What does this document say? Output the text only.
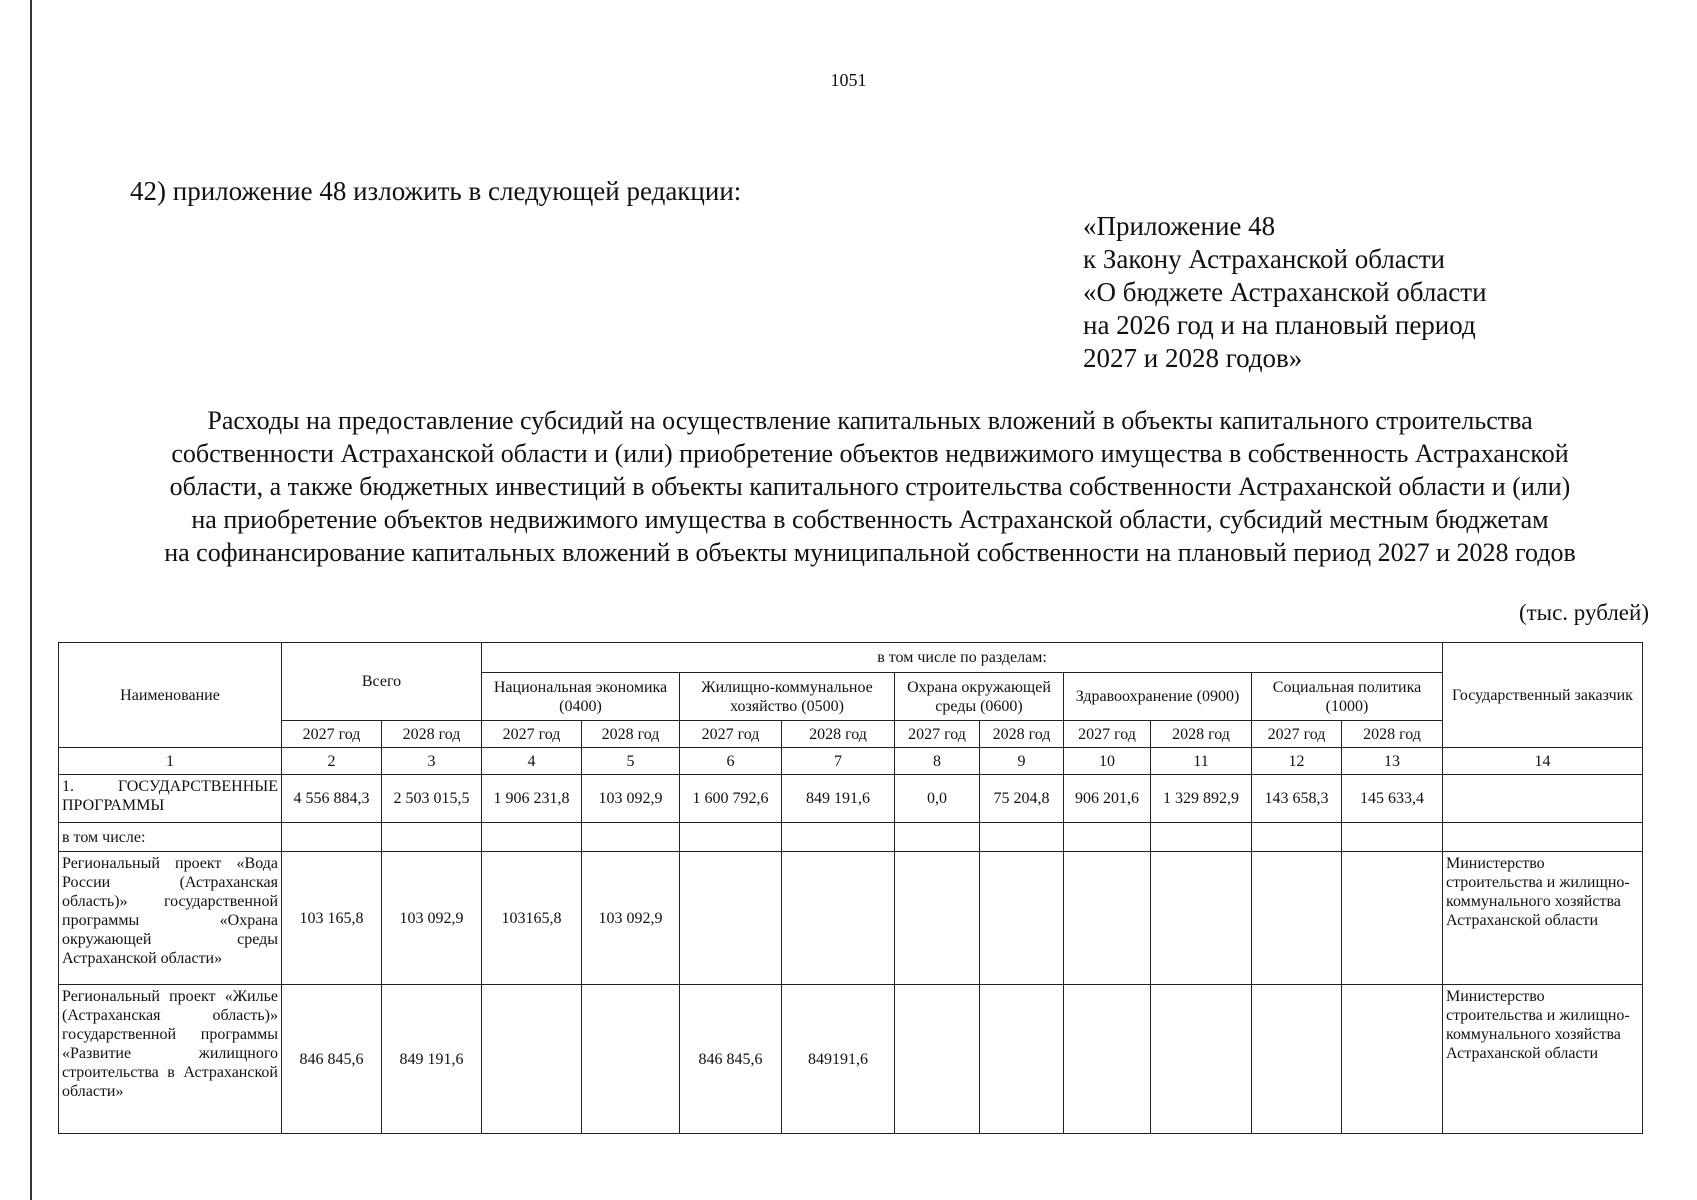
1051
42) приложение 48 изложить в следующей редакции:
«Приложение 48
к Закону Астраханской области
«О бюджете Астраханской области
на 2026 год и на плановый период
2027 и 2028 годов»
Расходы на предоставление субсидий на осуществление капитальных вложений в объекты капитального строительства
собственности Астраханской области и (или) приобретение объектов недвижимого имущества в собственность Астраханской
области, а также бюджетных инвестиций в объекты капитального строительства собственности Астраханской области и (или)
на приобретение объектов недвижимого имущества в собственность Астраханской области, субсидий местным бюджетам
на софинансирование капитальных вложений в объекты муниципальной собственности на плановый период 2027 и 2028 годов
(тыс. рублей)
Наименование	Всего		в том числе по разделам:										Государственный заказчик
			Национальная экономика (0400)		Жилищно-коммунальное хозяйство (0500)		Охрана окружающей среды (0600)		Здравоохранение (0900)		Социальная политика (1000)		
	2027 год	2028 год	2027 год	2028 год	2027 год	2028 год	2027 год	2028 год	2027 год	2028 год	2027 год	2028 год	
1	2	3	4	5	6	7	8	9	10	11	12	13	14
1. ГОСУДАРСТВЕННЫЕ ПРОГРАММЫ	4 556 884,3	2 503 015,5	1 906 231,8	103 092,9	1 600 792,6	849 191,6	0,0	75 204,8	906 201,6	1 329 892,9	143 658,3	145 633,4	
в том числе:													
Региональный проект «Вода России (Астраханская область)» государственной программы «Охрана окружающей среды Астраханской области»	103 165,8	103 092,9	103165,8	103 092,9									Министерство строительства и жилищно-коммунального хозяйства Астраханской области
Региональный проект «Жилье (Астраханская область)» государственной программы «Развитие жилищного строительства в Астраханской области»	846 845,6	849 191,6			846 845,6	849191,6							Министерство строительства и жилищно-коммунального хозяйства Астраханской области
